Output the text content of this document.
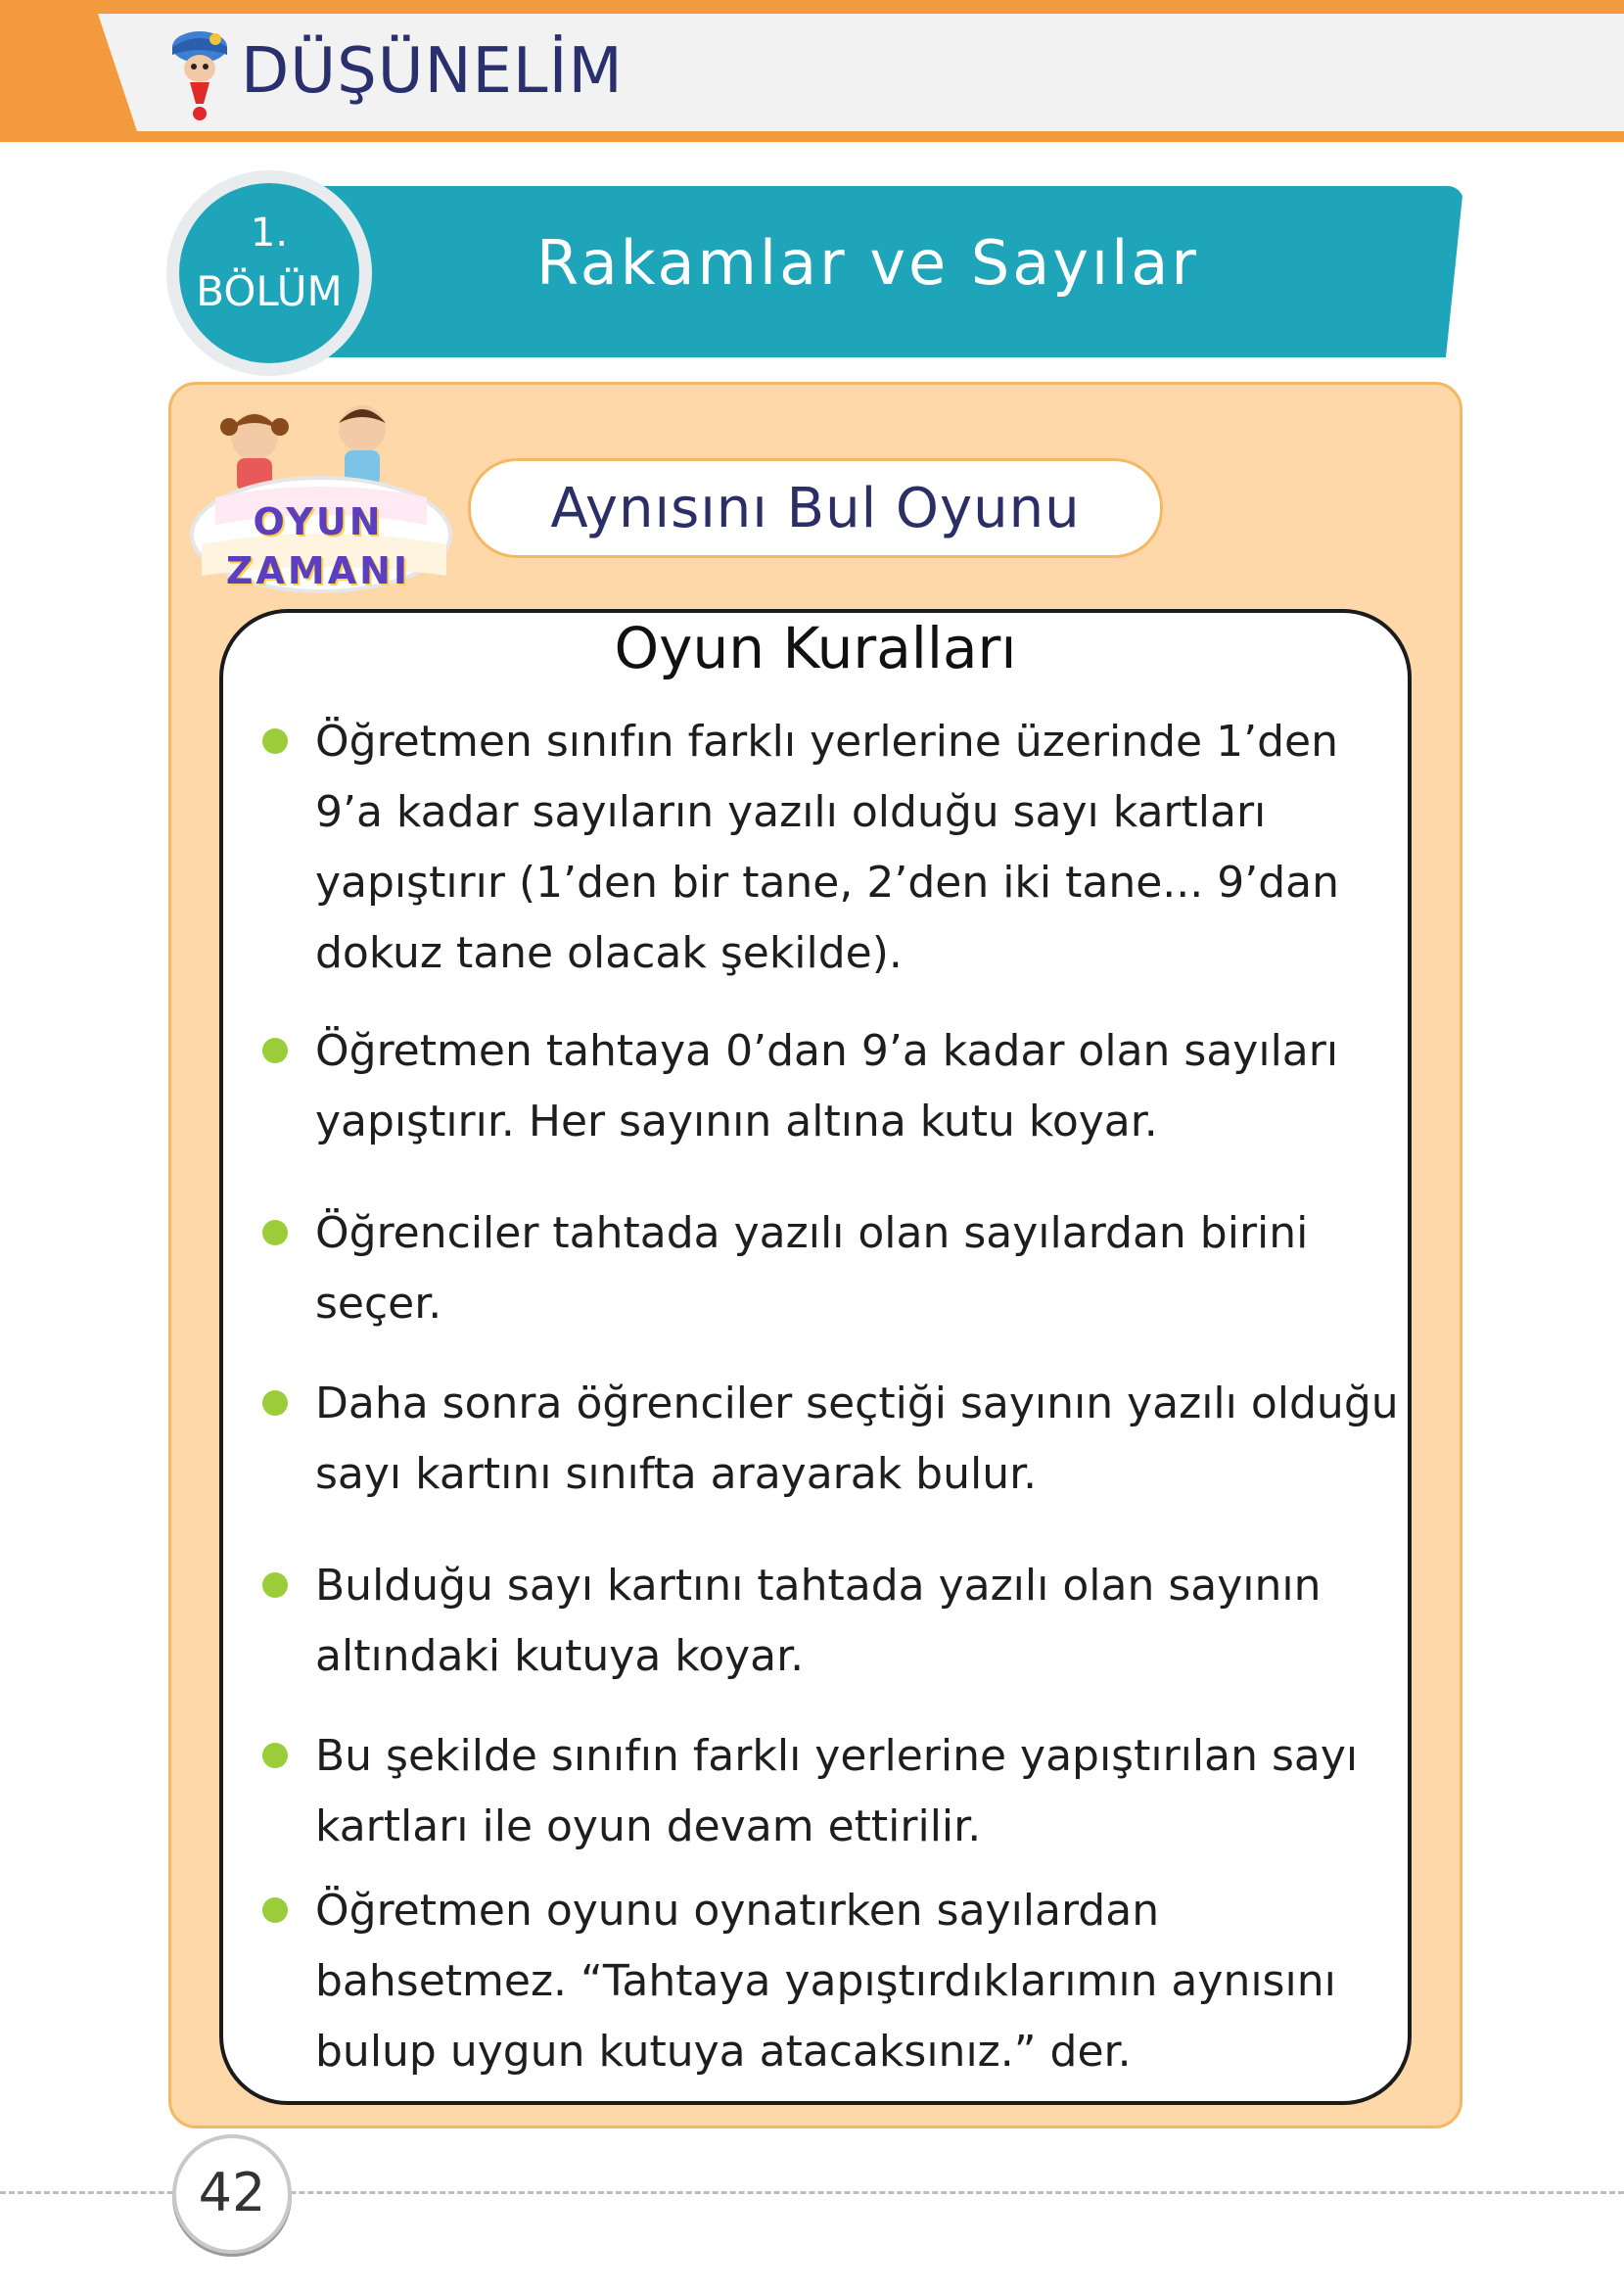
DÜŞÜNELİM
Rakamlar ve Sayılar
1.
BÖLÜM
OYUN ZAMANI
Aynısını Bul Oyunu
Oyun Kuralları
Öğretmen sınıfın farklı yerlerine üzerinde 1’den 9’a kadar sayıların yazılı olduğu sayı kartları yapıştırır (1’den bir tane, 2’den iki tane... 9’dan dokuz tane olacak şekilde).
Öğretmen tahtaya 0’dan 9’a kadar olan sayıları yapıştırır. Her sayının altına kutu koyar.
Öğrenciler tahtada yazılı olan sayılardan birini seçer.
Daha sonra öğrenciler seçtiği sayının yazılı olduğu sayı kartını sınıfta arayarak bulur.
Bulduğu sayı kartını tahtada yazılı olan sayının altındaki kutuya koyar.
Bu şekilde sınıfın farklı yerlerine yapıştırılan sayı kartları ile oyun devam ettirilir.
Öğretmen oyunu oynatırken sayılardan bahsetmez. “Tahtaya yapıştırdıklarımın aynısını bulup uygun kutuya atacaksınız.” der.
42
